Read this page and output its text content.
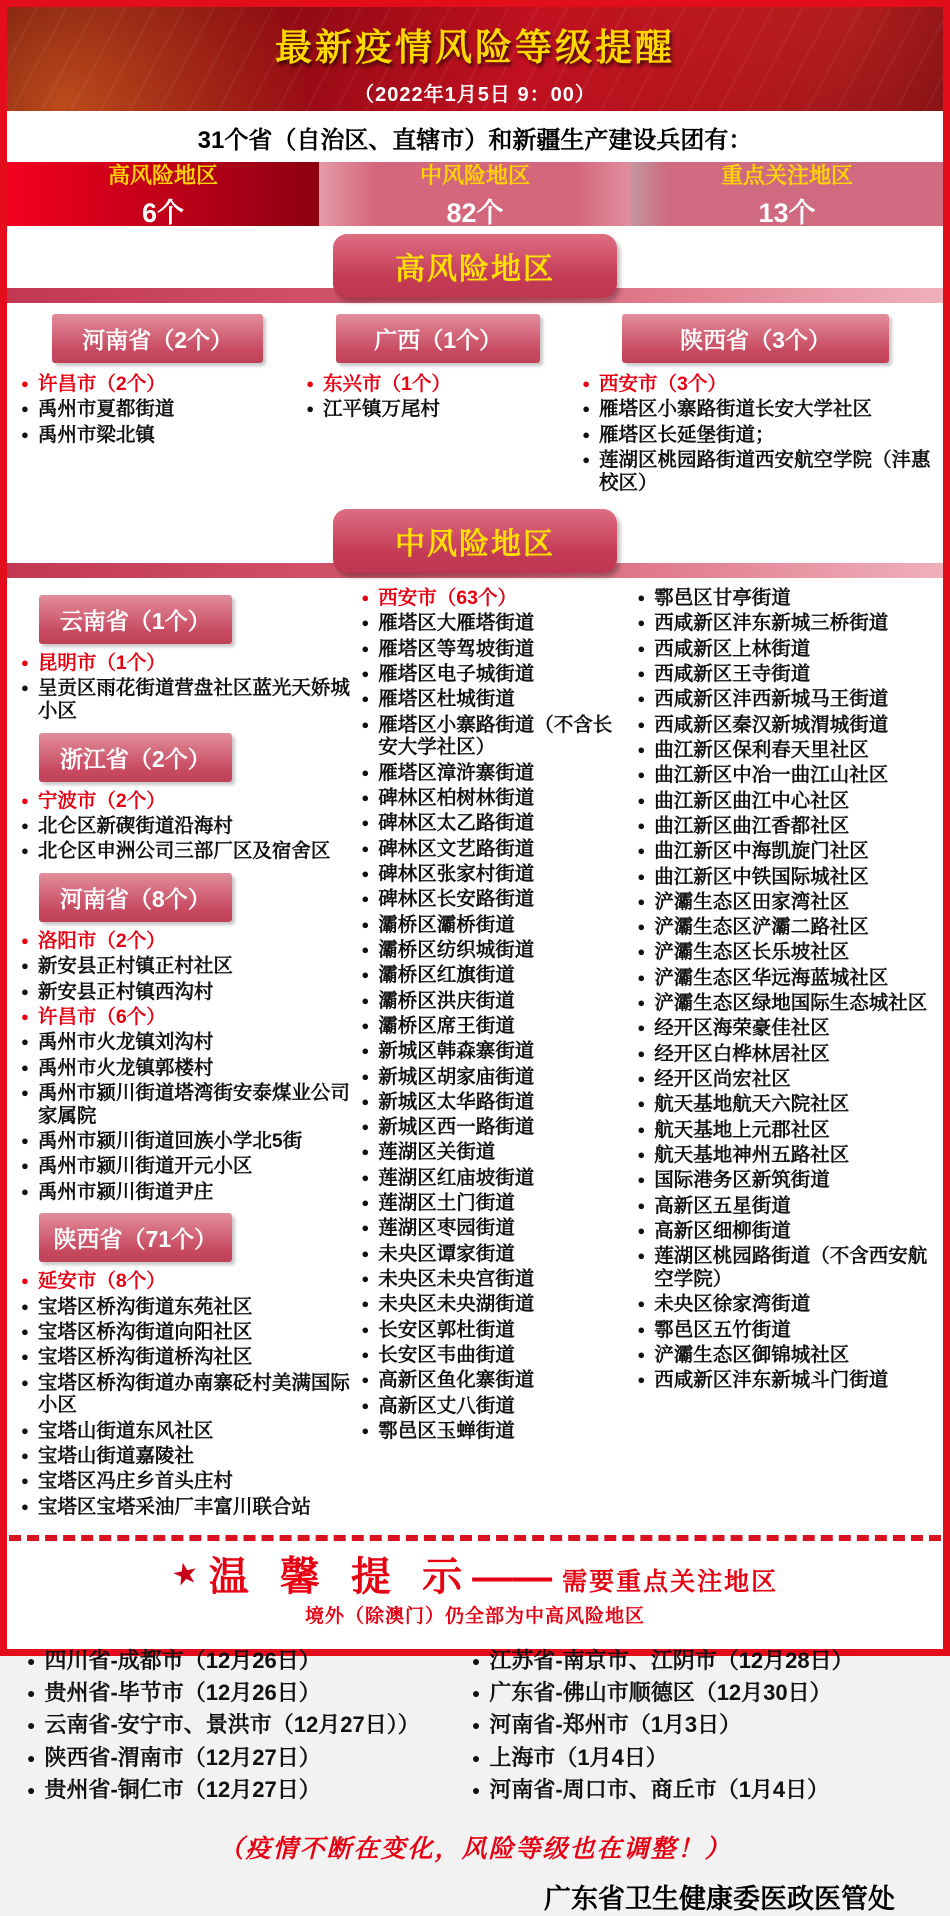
最新疫情风险等级提醒
（2022年1月5日 9：00）
31个省（自治区、直辖市）和新疆生产建设兵团有：
高风险地区
6个
中风险地区
82个
重点关注地区
13个
高风险地区
河南省（2个）
● 许昌市（2个）
● 禹州市夏都街道
● 禹州市梁北镇
广西（1个）
● 东兴市（1个）
● 江平镇万尾村
陕西省（3个）
● 西安市（3个）
● 雁塔区小寨路街道长安大学社区
● 雁塔区长延堡街道；
● 莲湖区桃园路街道西安航空学院（沣惠校区）
中风险地区
云南省（1个）
● 昆明市（1个）
● 呈贡区雨花街道营盘社区蓝光天娇城小区
浙江省（2个）
● 宁波市（2个）
● 北仑区新碶街道沿海村
● 北仑区申洲公司三部厂区及宿舍区
河南省（8个）
● 洛阳市（2个）
● 新安县正村镇正村社区
● 新安县正村镇西沟村
● 许昌市（6个）
● 禹州市火龙镇刘沟村
● 禹州市火龙镇郭楼村
● 禹州市颍川街道塔湾街安泰煤业公司家属院
● 禹州市颍川街道回族小学北5街
● 禹州市颍川街道开元小区
● 禹州市颍川街道尹庄
陕西省（71个）
● 延安市（8个）
● 宝塔区桥沟街道东苑社区
● 宝塔区桥沟街道向阳社区
● 宝塔区桥沟街道桥沟社区
● 宝塔区桥沟街道办南寨砭村美满国际小区
● 宝塔山街道东风社区
● 宝塔山街道嘉陵社
● 宝塔区冯庄乡首头庄村
● 宝塔区宝塔采油厂丰富川联合站
● 西安市（63个）
● 雁塔区大雁塔街道
● 雁塔区等驾坡街道
● 雁塔区电子城街道
● 雁塔区杜城街道
● 雁塔区小寨路街道（不含长安大学社区）
● 雁塔区漳浒寨街道
● 碑林区柏树林街道
● 碑林区太乙路街道
● 碑林区文艺路街道
● 碑林区张家村街道
● 碑林区长安路街道
● 灞桥区灞桥街道
● 灞桥区纺织城街道
● 灞桥区红旗街道
● 灞桥区洪庆街道
● 灞桥区席王街道
● 新城区韩森寨街道
● 新城区胡家庙街道
● 新城区太华路街道
● 新城区西一路街道
● 莲湖区关街道
● 莲湖区红庙坡街道
● 莲湖区土门街道
● 莲湖区枣园街道
● 未央区谭家街道
● 未央区未央宫街道
● 未央区未央湖街道
● 长安区郭杜街道
● 长安区韦曲街道
● 高新区鱼化寨街道
● 高新区丈八街道
● 鄠邑区玉蝉街道
● 鄠邑区甘亭街道
● 西咸新区沣东新城三桥街道
● 西咸新区上林街道
● 西咸新区王寺街道
● 西咸新区沣西新城马王街道
● 西咸新区秦汉新城渭城街道
● 曲江新区保利春天里社区
● 曲江新区中冶一曲江山社区
● 曲江新区曲江中心社区
● 曲江新区曲江香都社区
● 曲江新区中海凯旋门社区
● 曲江新区中铁国际城社区
● 浐灞生态区田家湾社区
● 浐灞生态区浐灞二路社区
● 浐灞生态区长乐坡社区
● 浐灞生态区华远海蓝城社区
● 浐灞生态区绿地国际生态城社区
● 经开区海荣豪佳社区
● 经开区白桦林居社区
● 经开区尚宏社区
● 航天基地航天六院社区
● 航天基地上元郡社区
● 航天基地神州五路社区
● 国际港务区新筑街道
● 高新区五星街道
● 高新区细柳街道
● 莲湖区桃园路街道（不含西安航空学院）
● 未央区徐家湾街道
● 鄠邑区五竹街道
● 浐灞生态区御锦城社区
● 西咸新区沣东新城斗门街道
★ 温 馨 提 示—— 需要重点关注地区
境外（除澳门）仍全部为中高风险地区
● 四川省-成都市（12月26日）
● 贵州省-毕节市（12月26日）
● 云南省-安宁市、景洪市（12月27日））
● 陕西省-渭南市（12月27日）
● 贵州省-铜仁市（12月27日）
● 江苏省-南京市、江阴市（12月28日）
● 广东省-佛山市顺德区（12月30日）
● 河南省-郑州市（1月3日）
● 上海市（1月4日）
● 河南省-周口市、商丘市（1月4日）
（疫情不断在变化，风险等级也在调整！）
广东省卫生健康委医政医管处
